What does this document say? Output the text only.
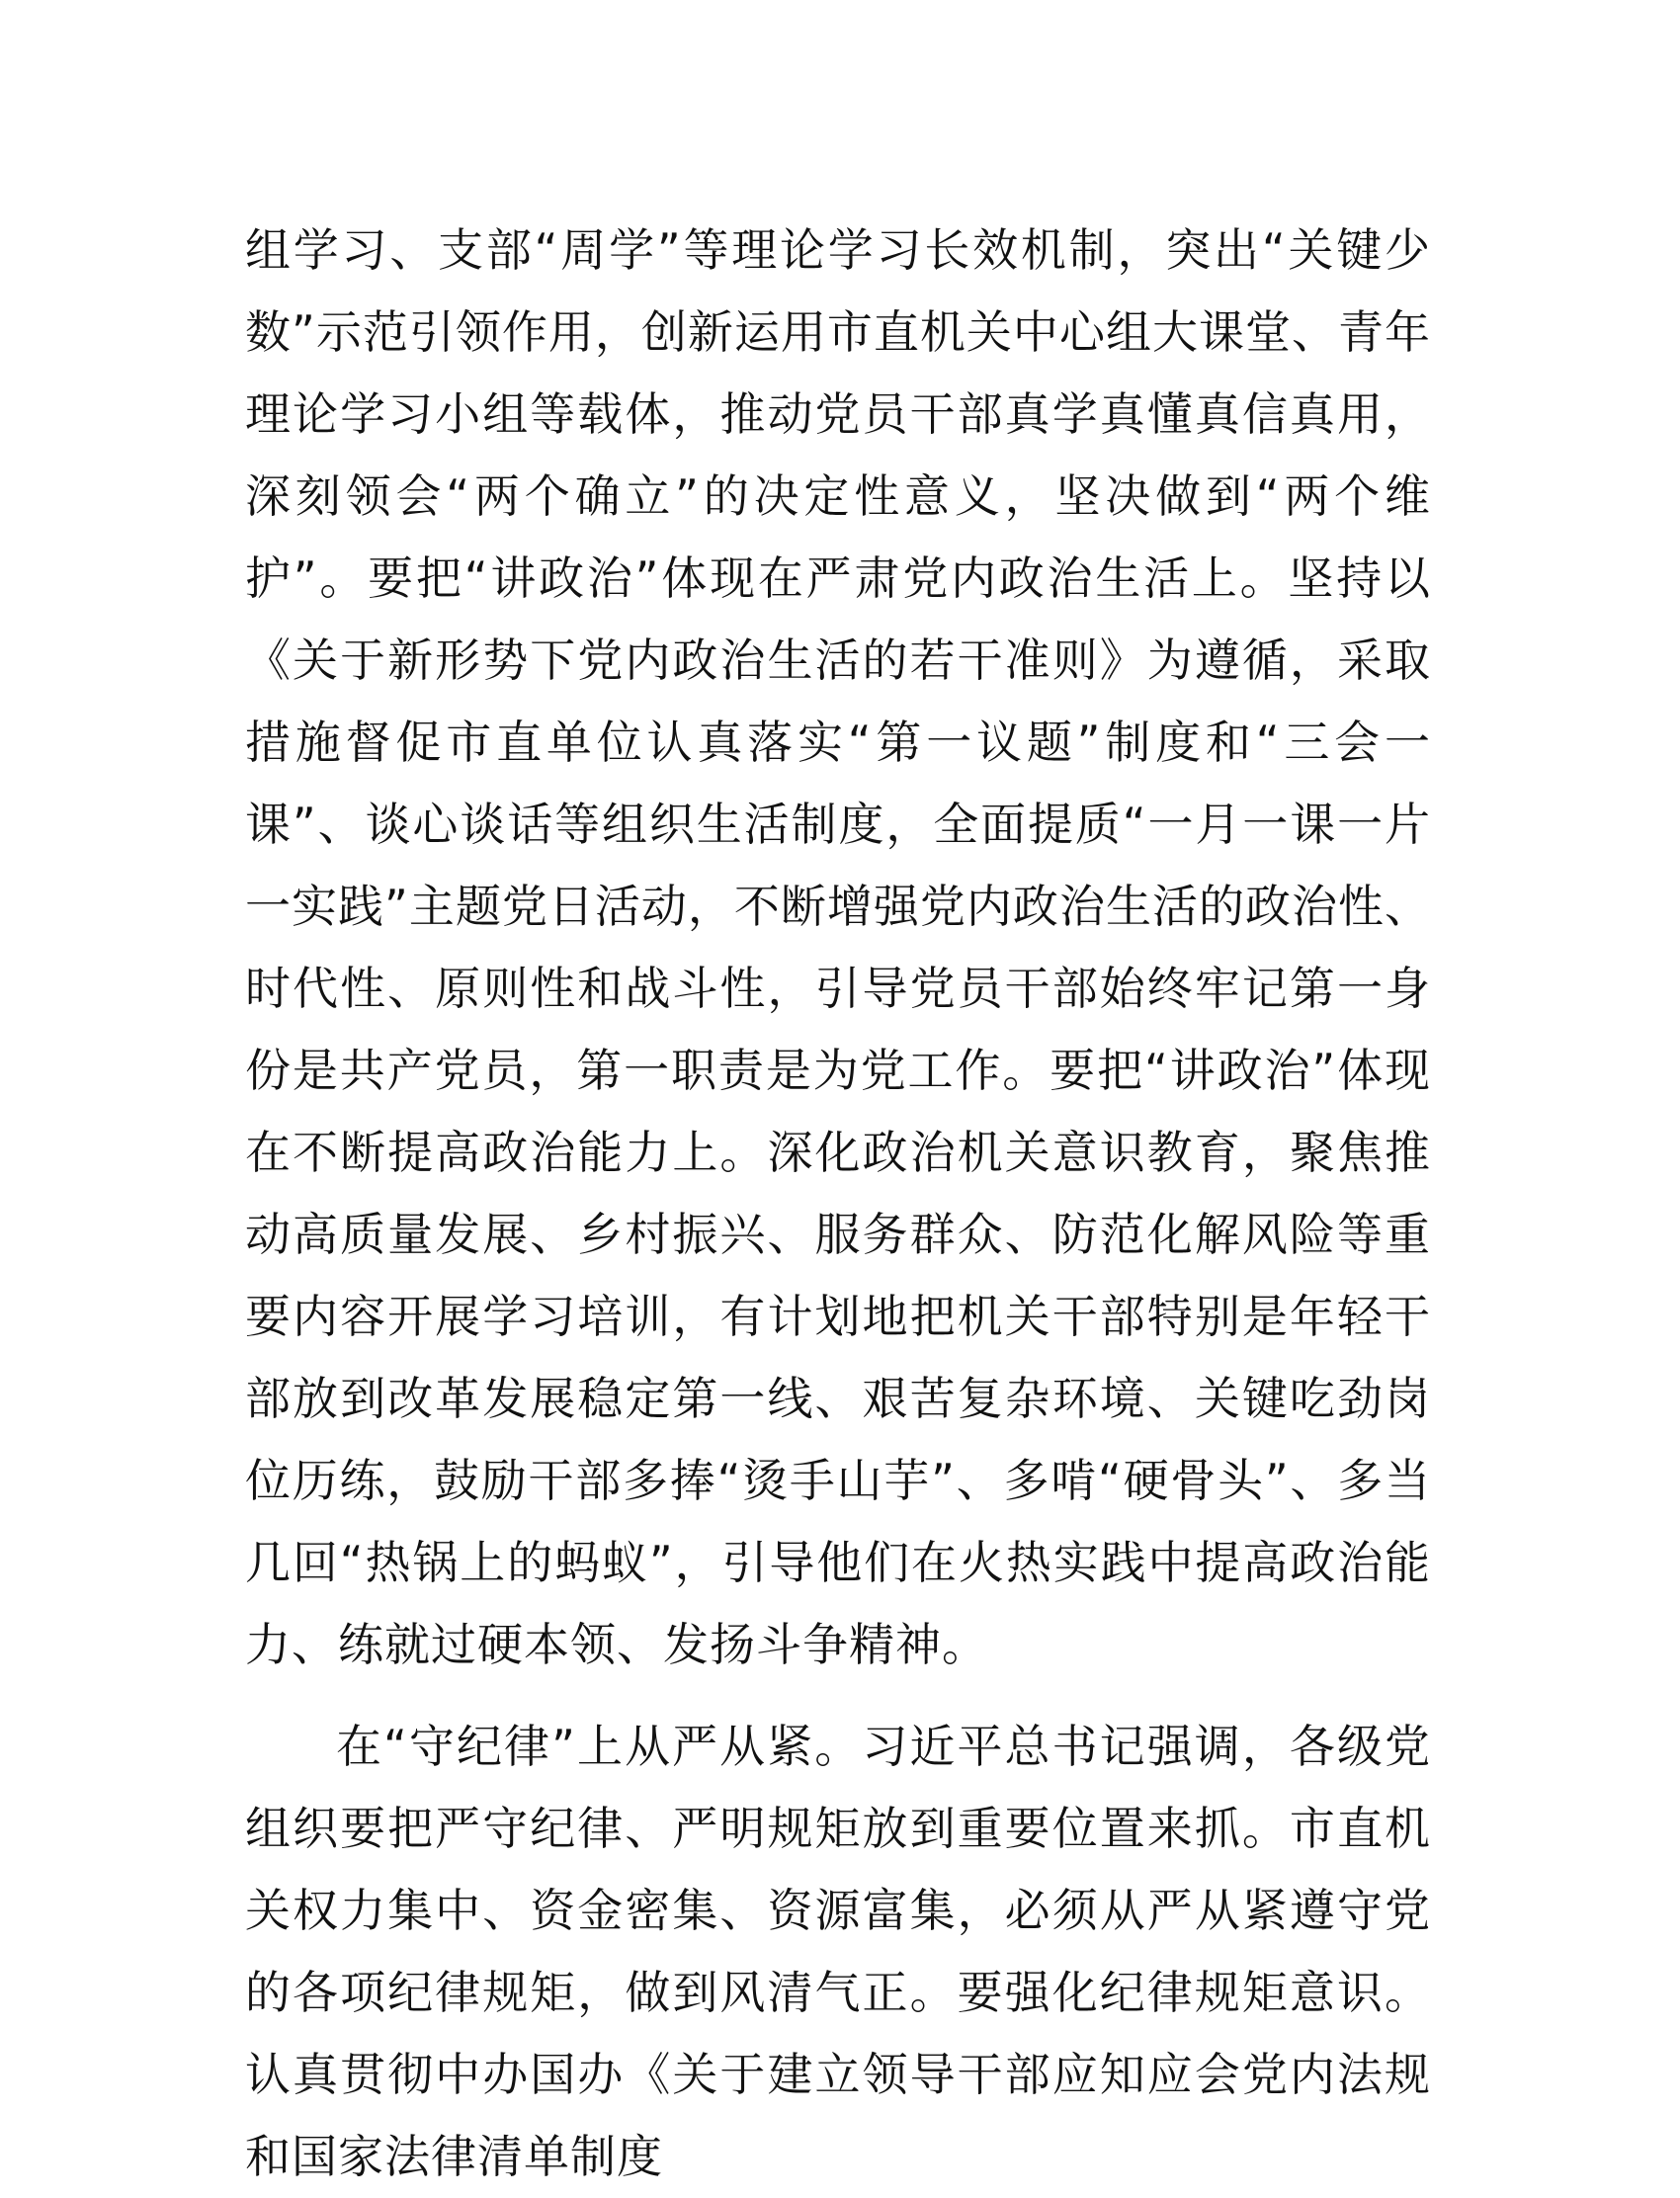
组学习、支部“周学”等理论学习长效机制，突出“关键少数”示范引领作用，创新运用市直机关中心组大课堂、青年理论学习小组等载体，推动党员干部真学真懂真信真用，深刻领会“两个确立”的决定性意义，坚决做到“两个维护”。要把“讲政治”体现在严肃党内政治生活上。坚持以《关于新形势下党内政治生活的若干准则》为遵循，采取措施督促市直单位认真落实“第一议题”制度和“三会一课”、谈心谈话等组织生活制度，全面提质“一月一课一片一实践”主题党日活动，不断增强党内政治生活的政治性、时代性、原则性和战斗性，引导党员干部始终牢记第一身份是共产党员，第一职责是为党工作。要把“讲政治”体现在不断提高政治能力上。深化政治机关意识教育，聚焦推动高质量发展、乡村振兴、服务群众、防范化解风险等重要内容开展学习培训，有计划地把机关干部特别是年轻干部放到改革发展稳定第一线、艰苦复杂环境、关键吃劲岗位历练，鼓励干部多捧“烫手山芋”、多啃“硬骨头”、多当几回“热锅上的蚂蚁”，引导他们在火热实践中提高政治能力、练就过硬本领、发扬斗争精神。

在“守纪律”上从严从紧。习近平总书记强调，各级党组织要把严守纪律、严明规矩放到重要位置来抓。市直机关权力集中、资金密集、资源富集，必须从严从紧遵守党的各项纪律规矩，做到风清气正。要强化纪律规矩意识。认真贯彻中办国办《关于建立领导干部应知应会党内法规和国家法律清单制度
